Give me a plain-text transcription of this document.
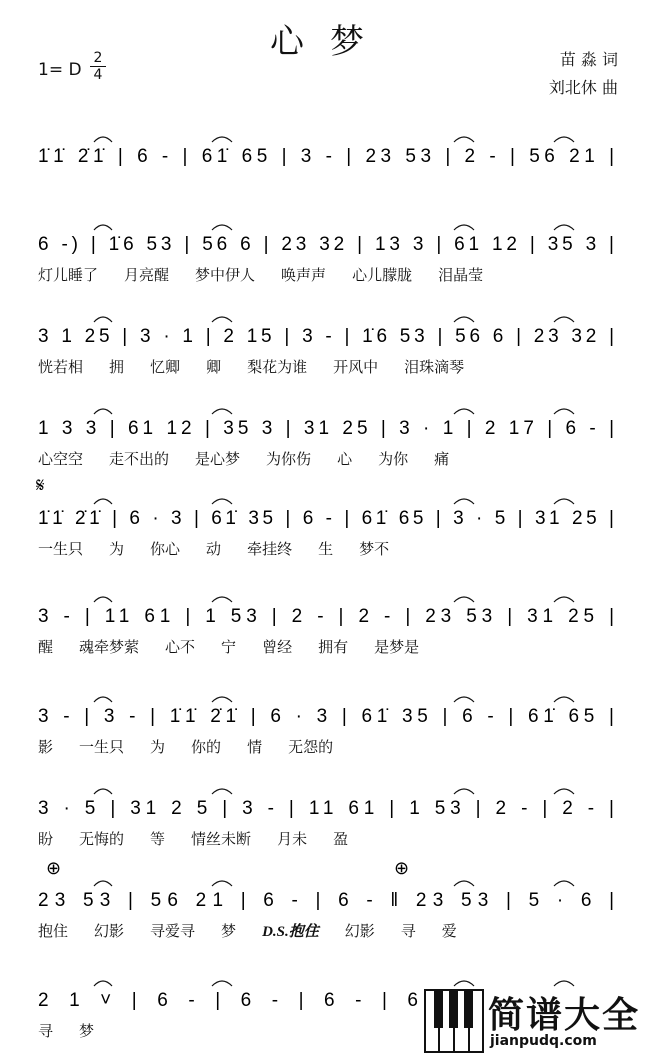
心梦
1= D $\frac{2}{4}$	苗 淼 词
刘北休 曲
1̇1̇ 2̇1̇ | 6 - | 61̇ 65 | 3 - | 23 53 | 2 - | 56 21 |
6 -) | 1̇6 53 | 56 6 | 23 32 | 13 3 | 61 12 | 35 3 |
灯儿睡了 月亮醒 梦中伊人 唤声声 心儿朦胧 泪晶莹
3 1 25 | 3 · 1 | 2 15 | 3 - | 1̇6 53 | 56 6 | 23 32 |
恍若相 拥 忆卿 卿 梨花为谁 开风中 泪珠滴琴
1 3 3 | 61 12 | 35 3 | 31 25 | 3 · 1 | 2 17 | 6 - |
心空空 走不出的 是心梦 为你伤 心 为你 痛
𝄋
1̇1̇ 2̇1̇ | 6 · 3 | 61̇ 35 | 6 - | 61̇ 65 | 3 · 5 | 31 25 |
一生只 为 你心 动 牵挂终 生 梦不
3 - | 11 61 | 1 53 | 2 - | 2 - | 23 53 | 31 25 |
醒 魂牵梦萦 心不 宁 曾经 拥有 是梦是
3 - | 3 - | 1̇1̇ 2̇1̇ | 6 · 3 | 61̇ 35 | 6 - | 61̇ 65 |
影 一生只 为 你的 情 无怨的
3 · 5 | 31 2 5 | 3 - | 11 61 | 1 53 | 2 - | 2 - |
盼 无悔的 等 情丝未断 月未 盈
⊕	⊕
23 53 | 56 21 | 6 - | 6 - ‖ 23 53 | 5 · 6 |
抱住 幻影 寻爱寻 梦 D.S.抱住 幻影 寻 爱
2 1 ˅ | 6 - | 6 - | 6 - | 6
寻 梦	简谱大全
jianpudq.com
